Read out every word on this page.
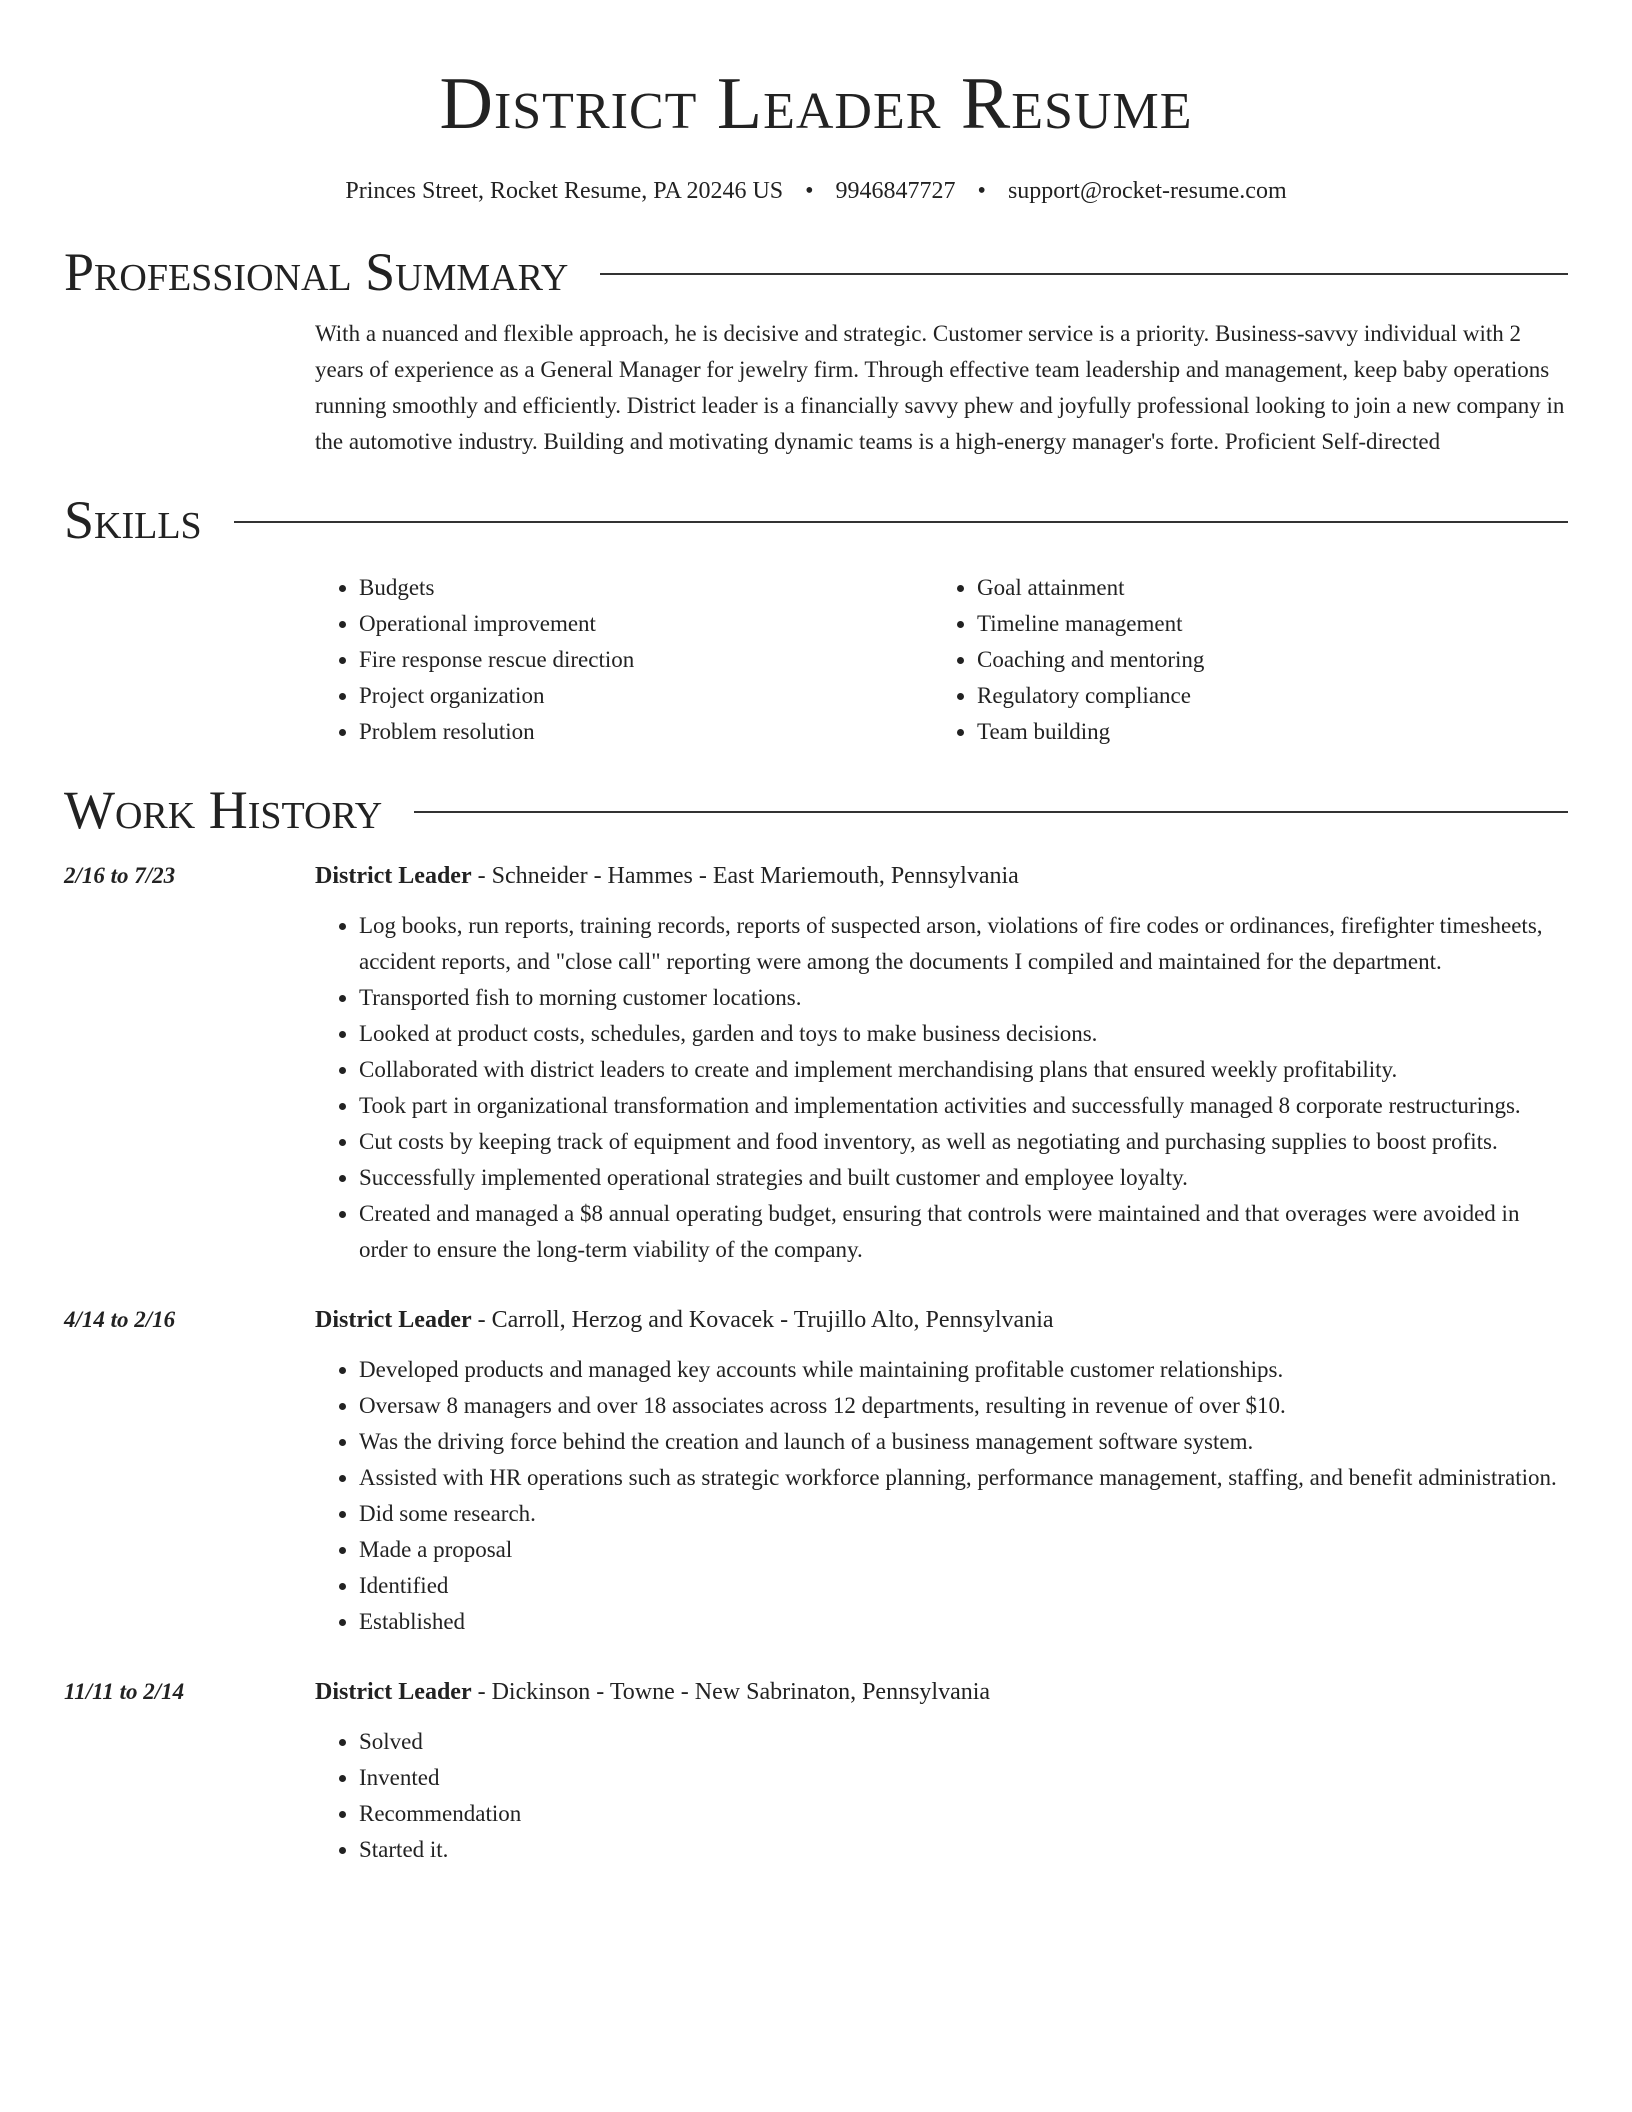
District Leader Resume
Princes Street, Rocket Resume, PA 20246 US • 9946847727 • support@rocket-resume.com
Professional Summary

With a nuanced and flexible approach, he is decisive and strategic. Customer service is a priority. Business-savvy individual with 2 years of experience as a General Manager for jewelry firm. Through effective team leadership and management, keep baby operations running smoothly and efficiently. District leader is a financially savvy phew and joyfully professional looking to join a new company in the automotive industry. Building and motivating dynamic teams is a high-energy manager's forte. Proficient Self-directed

Skills
• Budgets
• Operational improvement
• Fire response rescue direction
• Project organization
• Problem resolution
• Goal attainment
• Timeline management
• Coaching and mentoring
• Regulatory compliance
• Team building
Work History
2/16 to 7/23	District Leader - Schneider - Hammes - East Mariemouth, Pennsylvania
• Log books, run reports, training records, reports of suspected arson, violations of fire codes or ordinances, firefighter timesheets, accident reports, and "close call" reporting were among the documents I compiled and maintained for the department.
• Transported fish to morning customer locations.
• Looked at product costs, schedules, garden and toys to make business decisions.
• Collaborated with district leaders to create and implement merchandising plans that ensured weekly profitability.
• Took part in organizational transformation and implementation activities and successfully managed 8 corporate restructurings.
• Cut costs by keeping track of equipment and food inventory, as well as negotiating and purchasing supplies to boost profits.
• Successfully implemented operational strategies and built customer and employee loyalty.
• Created and managed a $8 annual operating budget, ensuring that controls were maintained and that overages were avoided in order to ensure the long-term viability of the company.
4/14 to 2/16	District Leader - Carroll, Herzog and Kovacek - Trujillo Alto, Pennsylvania
• Developed products and managed key accounts while maintaining profitable customer relationships.
• Oversaw 8 managers and over 18 associates across 12 departments, resulting in revenue of over $10.
• Was the driving force behind the creation and launch of a business management software system.
• Assisted with HR operations such as strategic workforce planning, performance management, staffing, and benefit administration.
• Did some research.
• Made a proposal
• Identified
• Established
11/11 to 2/14	District Leader - Dickinson - Towne - New Sabrinaton, Pennsylvania
• Solved
• Invented
• Recommendation
• Started it.
